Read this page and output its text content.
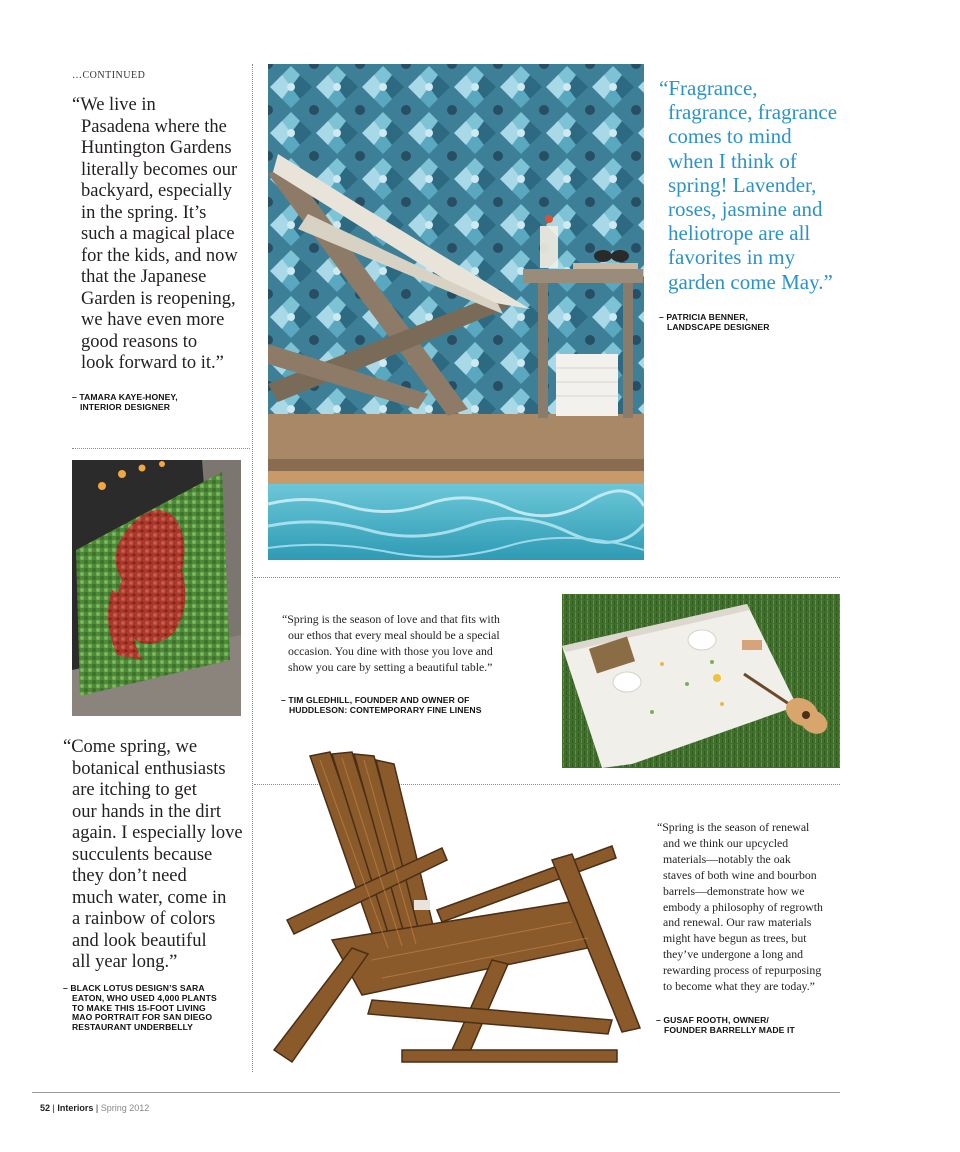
…CONTINUED
“We live in
Pasadena where the
Huntington Gardens
literally becomes our
backyard, especially
in the spring. It’s
such a magical place
for the kids, and now
that the Japanese
Garden is reopening,
we have even more
good reasons to
look forward to it.”
– TAMARA KAYE-HONEY,
INTERIOR DESIGNER
“Fragrance,
fragrance, fragrance
comes to mind
when I think of
spring! Lavender,
roses, jasmine and
heliotrope are all
favorites in my
garden come May.”
– PATRICIA BENNER,
LANDSCAPE DESIGNER
“Spring is the season of love and that fits with
our ethos that every meal should be a special
occasion. You dine with those you love and
show you care by setting a beautiful table.”
– TIM GLEDHILL, FOUNDER AND OWNER OF
HUDDLESON: CONTEMPORARY FINE LINENS
“Come spring, we
botanical enthusiasts
are itching to get
our hands in the dirt
again. I especially love
succulents because
they don’t need
much water, come in
a rainbow of colors
and look beautiful
all year long.”
– BLACK LOTUS DESIGN’S SARA
EATON, WHO USED 4,000 PLANTS
TO MAKE THIS 15-FOOT LIVING
MAO PORTRAIT FOR SAN DIEGO
RESTAURANT UNDERBELLY
“Spring is the season of renewal
and we think our upcycled
materials—notably the oak
staves of both wine and bourbon
barrels—demonstrate how we
embody a philosophy of regrowth
and renewal. Our raw materials
might have begun as trees, but
they’ve undergone a long and
rewarding process of repurposing
to become what they are today.”
– GUSAF ROOTH, OWNER/
FOUNDER BARRELLY MADE IT
52 | Interiors | Spring 2012
